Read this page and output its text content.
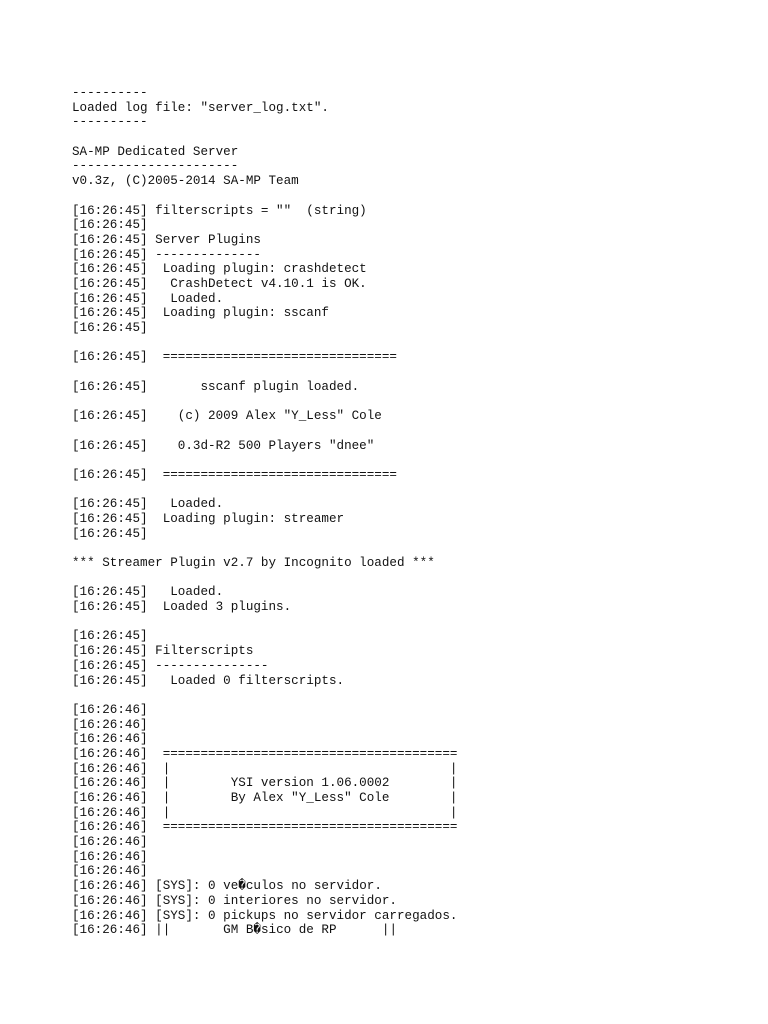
----------
Loaded log file: "server_log.txt".
----------
SA-MP Dedicated Server
----------------------
v0.3z, (C)2005-2014 SA-MP Team
[16:26:45] filterscripts = ""  (string)
[16:26:45]
[16:26:45] Server Plugins
[16:26:45] --------------
[16:26:45]  Loading plugin: crashdetect
[16:26:45]   CrashDetect v4.10.1 is OK.
[16:26:45]   Loaded.
[16:26:45]  Loading plugin: sscanf
[16:26:45]
[16:26:45]  ===============================
[16:26:45]       sscanf plugin loaded.
[16:26:45]    (c) 2009 Alex "Y_Less" Cole
[16:26:45]    0.3d-R2 500 Players "dnee"
[16:26:45]  ===============================
[16:26:45]   Loaded.
[16:26:45]  Loading plugin: streamer
[16:26:45]
*** Streamer Plugin v2.7 by Incognito loaded ***
[16:26:45]   Loaded.
[16:26:45]  Loaded 3 plugins.
[16:26:45]
[16:26:45] Filterscripts
[16:26:45] ---------------
[16:26:45]   Loaded 0 filterscripts.
[16:26:46]
[16:26:46]
[16:26:46]
[16:26:46]  =======================================
[16:26:46]  |                                     |
[16:26:46]  |        YSI version 1.06.0002        |
[16:26:46]  |        By Alex "Y_Less" Cole        |
[16:26:46]  |                                     |
[16:26:46]  =======================================
[16:26:46]
[16:26:46]
[16:26:46]
[16:26:46] [SYS]: 0 ve�culos no servidor.
[16:26:46] [SYS]: 0 interiores no servidor.
[16:26:46] [SYS]: 0 pickups no servidor carregados.
[16:26:46] ||       GM B�sico de RP      ||
